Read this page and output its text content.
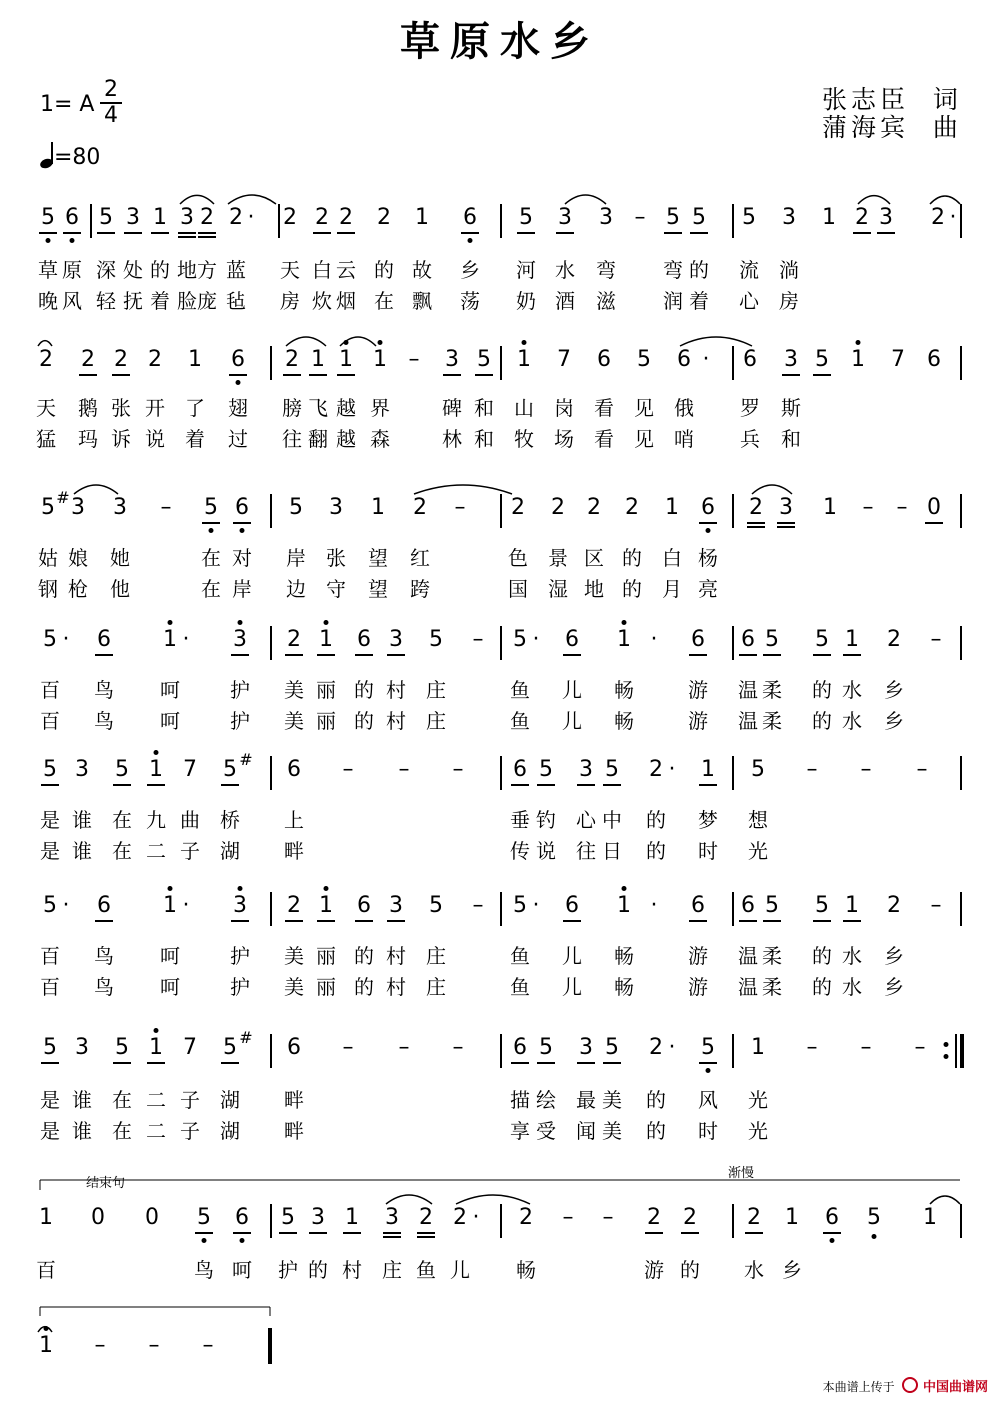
草原水乡
1= A
2
4
=80
张志臣 词
蒲海宾 曲
5 6 5 3 1 3 2 2 · 2 2 2 2 1 6 5 3 3 – 5 5 5 3 1 2 3 2 ·
草 原 深 处 的 地 方 蓝 天 白 云 的 故 乡 河 水 弯 弯 的 流 淌
晚 风 轻 抚 着 脸 庞 毡 房 炊 烟 在 飘 荡 奶 酒 滋 润 着 心 房
2 2 2 2 1 6 2 1 1 1 – 3 5 1 7 6 5 6 · 6 3 5 1 7 6
天 鹅 张 开 了 翅 膀 飞 越 界	碑 和 山 岗 看 见 俄 罗 斯
猛 玛 诉 说 着 过 往 翻 越 森	林 和 牧 场 看 见 哨 兵 和
5 # 3 3 – 5 6 5 3 1 2 – 2 2 2 2 1 6 2 3 1 – – 0
姑 娘 她	在 对 岸 张 望 红	色 景 区 的 白 杨
钢 枪 他	在 岸 边 守 望 跨	国 湿 地 的 月 亮
5 · 6 1 · 3 2 1 6 3 5 – 5 · 6 1 · 6 6 5 5 1 2 –
百 鸟 呵	护 美 丽 的 村 庄	鱼 儿 畅	游 温 柔 的 水 乡
百 鸟 呵	护 美 丽 的 村 庄	鱼 儿 畅	游 温 柔 的 水 乡
5 3 5 1 7 5 # 6 – – – 6 5 3 5 2 · 1 5 – – –
是 谁 在 九 曲 桥 上	垂 钓 心 中 的 梦 想
是 谁 在 二 子 湖 畔	传 说 往 日 的 时 光
5 · 6 1 · 3 2 1 6 3 5 – 5 · 6 1 · 6 6 5 5 1 2 –
百 鸟 呵	护 美 丽 的 村 庄	鱼 儿 畅	游 温 柔 的 水 乡
百 鸟 呵	护 美 丽 的 村 庄	鱼 儿 畅	游 温 柔 的 水 乡
5 3 5 1 7 5 # 6 – – – 6 5 3 5 2 · 5 1 – – –
是 谁 在 二 子 湖 畔	描 绘 最 美 的 风 光
是 谁 在 二 子 湖 畔	享 受 闻 美 的 时 光
1 0 0 5 6 5 3 1 3 2 2 · 2 – – 2 2 2 1 6 5 1
百	鸟 呵 护 的 村 庄 鱼 儿 畅	游 的 水 乡
1 – – –
结束句
渐慢
本曲谱上传于 中国曲谱网
